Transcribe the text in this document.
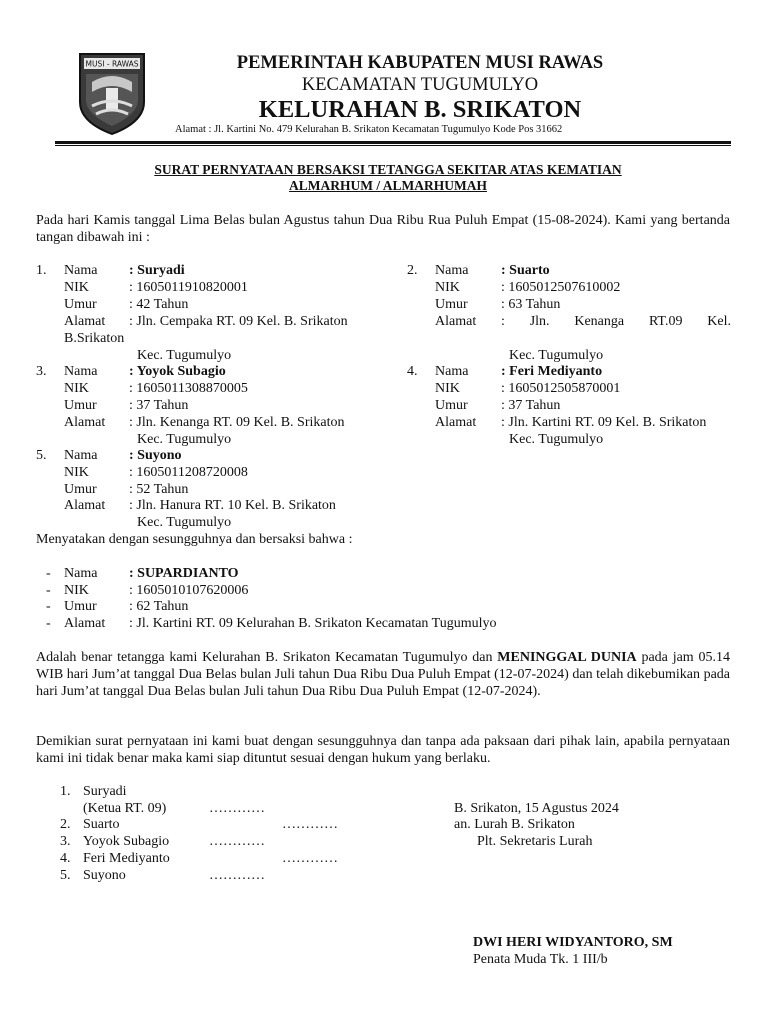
MUSI - RAWAS	PEMERINTAH KABUPATEN MUSI RAWAS
KECAMATAN TUGUMULYO
KELURAHAN B. SRIKATON
Alamat : Jl. Kartini No. 479 Kelurahan B. Srikaton Kecamatan Tugumulyo Kode Pos 31662
SURAT PERNYATAAN BERSAKSI TETANGGA SEKITAR ATAS KEMATIAN
ALMARHUM / ALMARHUMAH
Pada hari Kamis tanggal Lima Belas bulan Agustus tahun Dua Ribu Rua Puluh Empat (15-08-2024). Kami yang bertanda tangan dibawah ini :
1. Nama : Suryadi
NIK	: 1605011910820001
Umur : 42 Tahun
Alamat : Jln. Cempaka RT. 09 Kel. B. Srikaton
B.Srikaton
Kec. Tugumulyo
2. Nama : Suarto
NIK	: 1605012507610002
Umur : 63 Tahun
Alamat : Jln. Kenanga RT.09 Kel.
Kec. Tugumulyo
3. Nama : Yoyok Subagio
NIK	: 1605011308870005
Umur : 37 Tahun
Alamat : Jln. Kenanga RT. 09 Kel. B. Srikaton
Kec. Tugumulyo
4. Nama : Feri Mediyanto
NIK	: 1605012505870001
Umur : 37 Tahun
Alamat : Jln. Kartini RT. 09 Kel. B. Srikaton
Kec. Tugumulyo
5. Nama : Suyono
NIK	: 1605011208720008
Umur : 52 Tahun
Alamat : Jln. Hanura RT. 10 Kel. B. Srikaton
Kec. Tugumulyo
Menyatakan dengan sesungguhnya dan bersaksi bahwa :
- Nama : SUPARDIANTO
- NIK	: 1605010107620006
- Umur : 62 Tahun
- Alamat : Jl. Kartini RT. 09 Kelurahan B. Srikaton Kecamatan Tugumulyo
Adalah benar tetangga kami Kelurahan B. Srikaton Kecamatan Tugumulyo dan MENINGGAL DUNIA pada jam 05.14 WIB hari Jum’at tanggal Dua Belas bulan Juli tahun Dua Ribu Dua Puluh Empat (12-07-2024) dan telah dikebumikan pada hari Jum’at tanggal Dua Belas bulan Juli tahun Dua Ribu Dua Puluh Empat (12-07-2024).
Demikian surat pernyataan ini kami buat dengan sesungguhnya dan tanpa ada paksaan dari pihak lain, apabila pernyataan kami ini tidak benar maka kami siap dituntut sesuai dengan hukum yang berlaku.
1. Suryadi
(Ketua RT. 09)	…………
2. Suarto	…………
3. Yoyok Subagio	…………
4. Feri Mediyanto	…………
5. Suyono	…………
B. Srikaton, 15 Agustus 2024
an. Lurah B. Srikaton
Plt. Sekretaris Lurah
DWI HERI WIDYANTORO, SM
Penata Muda Tk. 1 III/b
